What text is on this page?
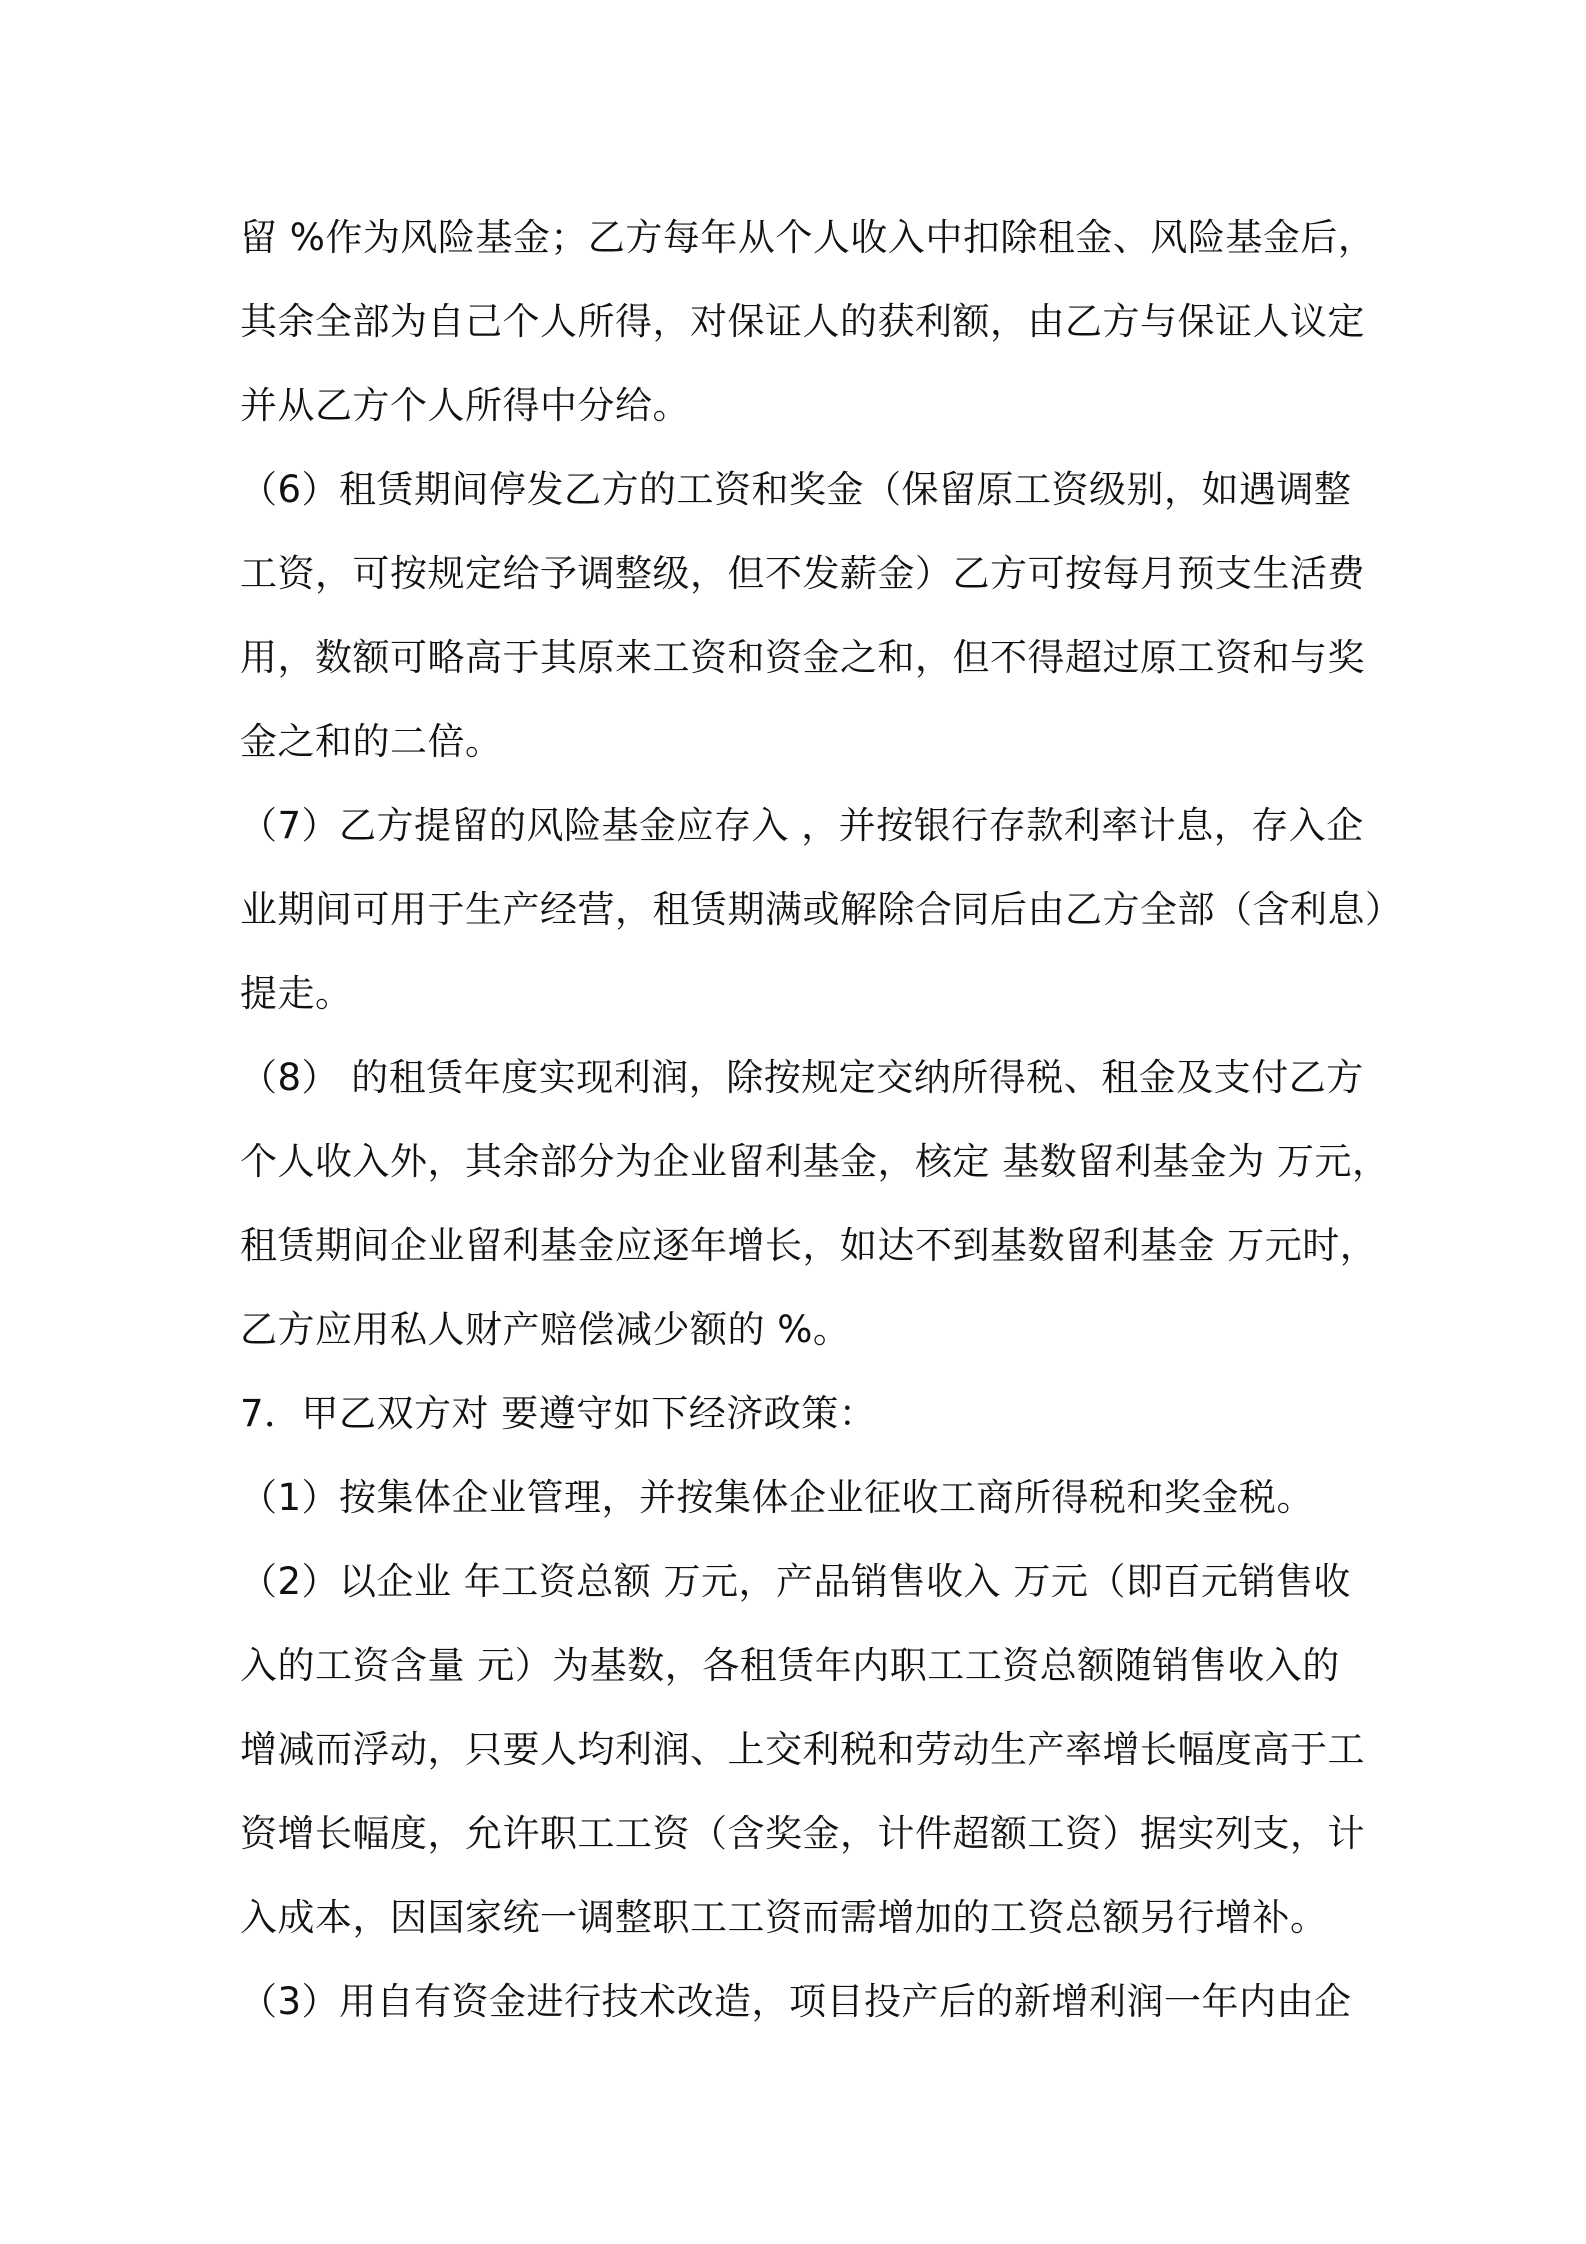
留 %作为风险基金；乙方每年从个人收入中扣除租金、风险基金后，
其余全部为自己个人所得，对保证人的获利额，由乙方与保证人议定
并从乙方个人所得中分给。
（6）租赁期间停发乙方的工资和奖金（保留原工资级别，如遇调整
工资，可按规定给予调整级，但不发薪金）乙方可按每月预支生活费
用，数额可略高于其原来工资和资金之和，但不得超过原工资和与奖
金之和的二倍。
（7）乙方提留的风险基金应存入 ，并按银行存款利率计息，存入企
业期间可用于生产经营，租赁期满或解除合同后由乙方全部（含利息）
提走。
（8） 的租赁年度实现利润，除按规定交纳所得税、租金及支付乙方
个人收入外，其余部分为企业留利基金，核定 基数留利基金为 万元，
租赁期间企业留利基金应逐年增长，如达不到基数留利基金 万元时，
乙方应用私人财产赔偿减少额的 %。
7．甲乙双方对 要遵守如下经济政策：
（1）按集体企业管理，并按集体企业征收工商所得税和奖金税。
（2）以企业 年工资总额 万元，产品销售收入 万元（即百元销售收
入的工资含量 元）为基数，各租赁年内职工工资总额随销售收入的
增减而浮动，只要人均利润、上交利税和劳动生产率增长幅度高于工
资增长幅度，允许职工工资（含奖金，计件超额工资）据实列支，计
入成本，因国家统一调整职工工资而需增加的工资总额另行增补。
（3）用自有资金进行技术改造，项目投产后的新增利润一年内由企
